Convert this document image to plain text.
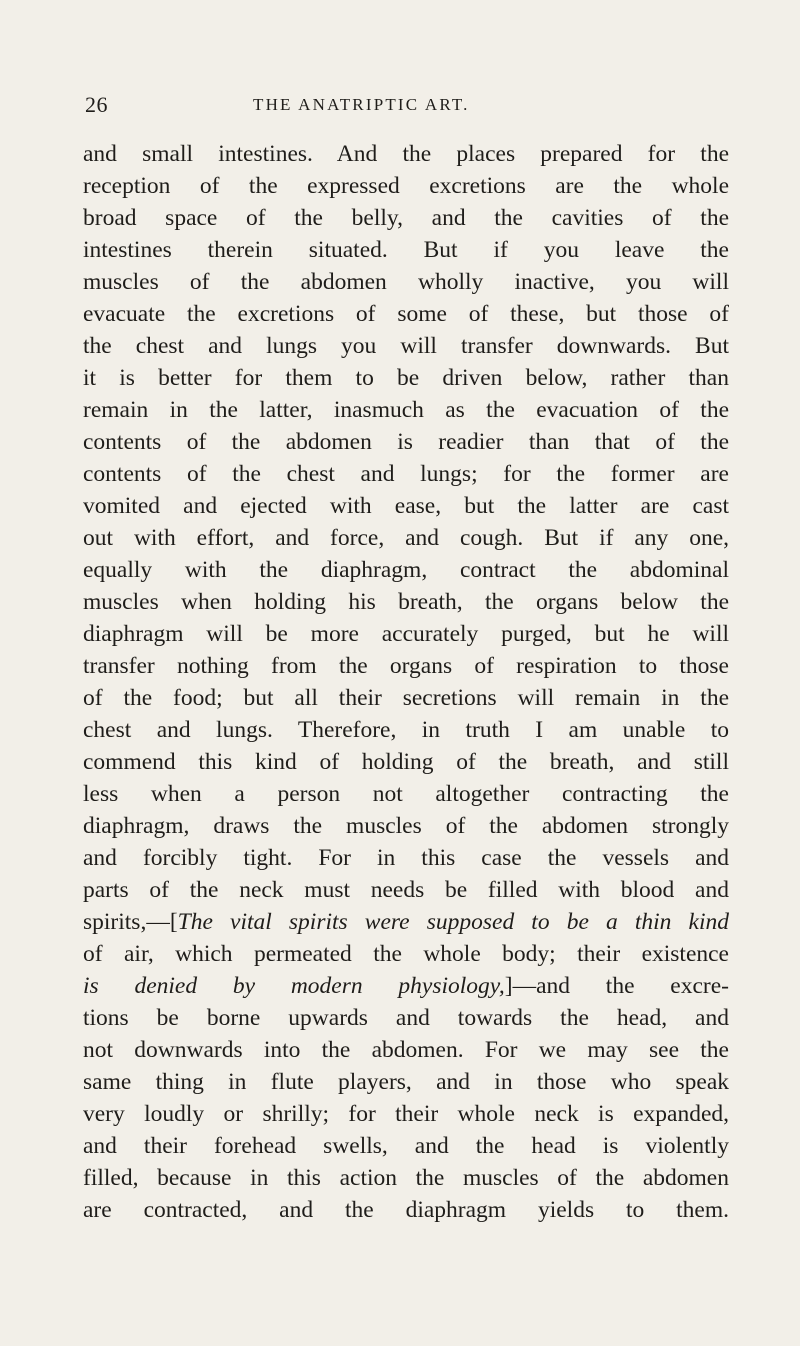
26	THE ANATRIPTIC ART.
and small intestines. And the places prepared for the
reception of the expressed excretions are the whole
broad space of the belly, and the cavities of the
intestines therein situated. But if you leave the
muscles of the abdomen wholly inactive, you will
evacuate the excretions of some of these, but those of
the chest and lungs you will transfer downwards. But
it is better for them to be driven below, rather than
remain in the latter, inasmuch as the evacuation of the
contents of the abdomen is readier than that of the
contents of the chest and lungs; for the former are
vomited and ejected with ease, but the latter are cast
out with effort, and force, and cough. But if any one,
equally with the diaphragm, contract the abdominal
muscles when holding his breath, the organs below the
diaphragm will be more accurately purged, but he will
transfer nothing from the organs of respiration to those
of the food; but all their secretions will remain in the
chest and lungs. Therefore, in truth I am unable to
commend this kind of holding of the breath, and still
less when a person not altogether contracting the
diaphragm, draws the muscles of the abdomen strongly
and forcibly tight. For in this case the vessels and
parts of the neck must needs be filled with blood and
spirits,—[The vital spirits were supposed to be a thin kind
of air, which permeated the whole body; their existence
is denied by modern physiology,]—and the excre-
tions be borne upwards and towards the head, and
not downwards into the abdomen. For we may see the
same thing in flute players, and in those who speak
very loudly or shrilly; for their whole neck is expanded,
and their forehead swells, and the head is violently
filled, because in this action the muscles of the abdomen
are contracted, and the diaphragm yields to them.
